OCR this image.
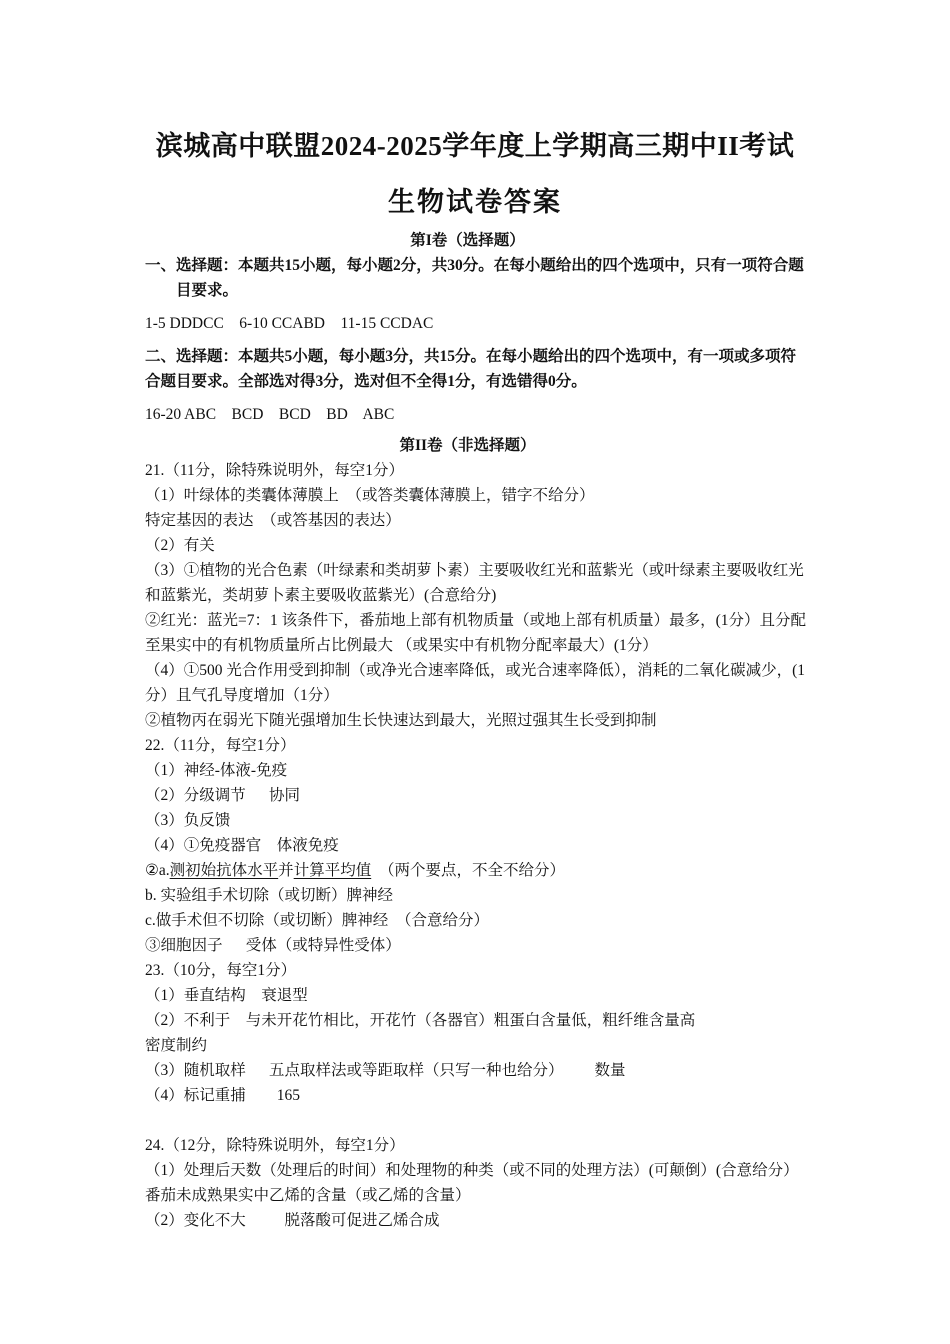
滨城高中联盟2024-2025学年度上学期高三期中II考试
生物试卷答案
第I卷（选择题）
一、选择题：本题共15小题，每小题2分，共30分。在每小题给出的四个选项中，只有一项符合题目要求。
1-5 DDDCC    6-10 CCABD    11-15 CCDAC
二、选择题：本题共5小题，每小题3分，共15分。在每小题给出的四个选项中，有一项或多项符合题目要求。全部选对得3分，选对但不全得1分，有选错得0分。
16-20 ABC    BCD    BCD    BD    ABC
第II卷（非选择题）
21.（11分，除特殊说明外，每空1分）
（1）叶绿体的类囊体薄膜上  （或答类囊体薄膜上，错字不给分）
特定基因的表达  （或答基因的表达）
（2）有关
（3）①植物的光合色素（叶绿素和类胡萝卜素）主要吸收红光和蓝紫光（或叶绿素主要吸收红光和蓝紫光，类胡萝卜素主要吸收蓝紫光）(合意给分)
②红光：蓝光=7：1 该条件下，番茄地上部有机物质量（或地上部有机质量）最多，(1分）且分配至果实中的有机物质量所占比例最大 （或果实中有机物分配率最大）(1分）
（4）①500 光合作用受到抑制（或净光合速率降低，或光合速率降低），消耗的二氧化碳减少，(1分）且气孔导度增加（1分）
②植物丙在弱光下随光强增加生长快速达到最大，光照过强其生长受到抑制
22.（11分，每空1分）
（1）神经-体液-免疫
（2）分级调节      协同
（3）负反馈
（4）①免疫器官    体液免疫
②a.测初始抗体水平并计算平均值  （两个要点，不全不给分）
b. 实验组手术切除（或切断）脾神经
c.做手术但不切除（或切断）脾神经  （合意给分）
③细胞因子      受体（或特异性受体）
23.（10分，每空1分）
（1）垂直结构    衰退型
（2）不利于    与未开花竹相比，开花竹（各器官）粗蛋白含量低，粗纤维含量高
密度制约
（3）随机取样      五点取样法或等距取样（只写一种也给分）        数量
（4）标记重捕        165
24.（12分，除特殊说明外，每空1分）
（1）处理后天数（处理后的时间）和处理物的种类（或不同的处理方法）(可颠倒）(合意给分） 番茄未成熟果实中乙烯的含量（或乙烯的含量）
（2）变化不大          脱落酸可促进乙烯合成
